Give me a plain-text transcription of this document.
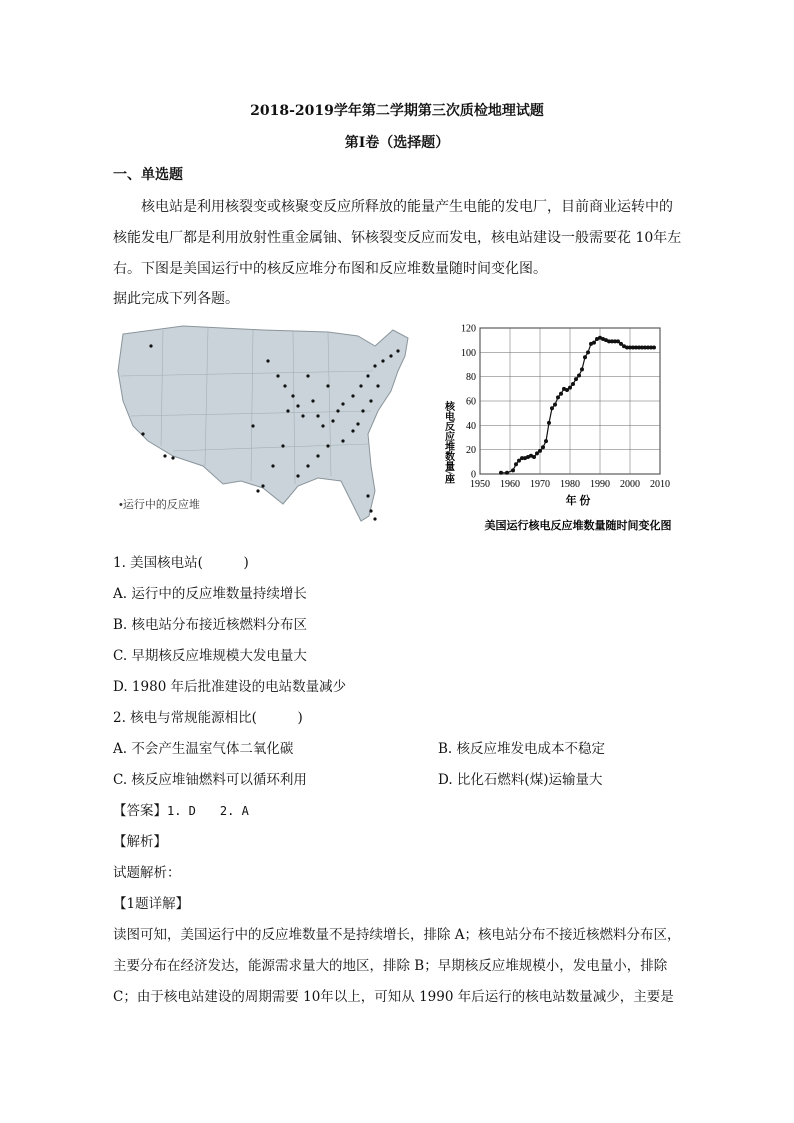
2018-2019学年第二学期第三次质检地理试题
第Ⅰ卷（选择题）
一、单选题
核电站是利用核裂变或核聚变反应所释放的能量产生电能的发电厂，目前商业运转中的
核能发电厂都是利用放射性重金属铀、钚核裂变反应而发电，核电站建设一般需要花 10年左
右。下图是美国运行中的核反应堆分布图和反应堆数量随时间变化图。
据此完成下列各题。
•运行中的反应堆
0
20
40
60
80
100
120
1950 1960 1970 1980 1990 2000 2010
核电反应堆数量/座
年 份
美国运行核电反应堆数量随时间变化图
1. 美国核电站(　　　)
A. 运行中的反应堆数量持续增长
B. 核电站分布接近核燃料分布区
C. 早期核反应堆规模大发电量大
D. 1980 年后批准建设的电站数量减少
2. 核电与常规能源相比(　　　)
A. 不会产生温室气体二氧化碳	B. 核反应堆发电成本不稳定
C. 核反应堆铀燃料可以循环利用	D. 比化石燃料(煤)运输量大
【答案】1. D　　2. A
【解析】
试题解析：
【1题详解】
读图可知，美国运行中的反应堆数量不是持续增长，排除 A；核电站分布不接近核燃料分布区，
主要分布在经济发达，能源需求量大的地区，排除 B；早期核反应堆规模小，发电量小，排除
C；由于核电站建设的周期需要 10年以上，可知从 1990 年后运行的核电站数量减少，主要是
